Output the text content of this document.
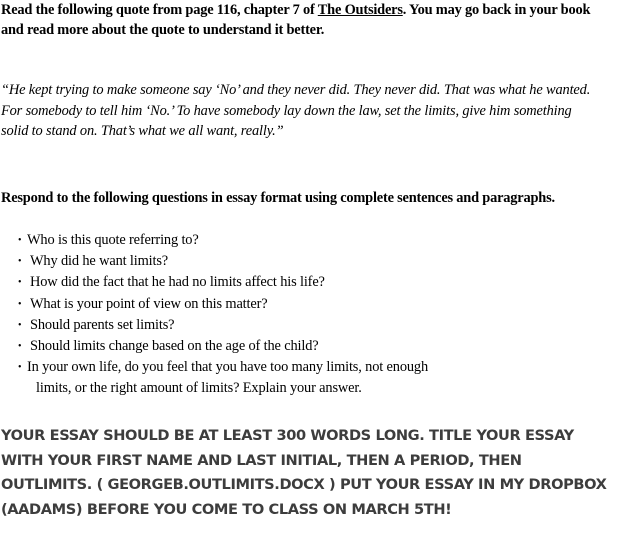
Read the following quote from page 116, chapter 7 of The Outsiders. You may go back in your book and read more about the quote to understand it better.
“He kept trying to make someone say ‘No’ and they never did. They never did. That was what he wanted. For somebody to tell him ‘No.’ To have somebody lay down the law, set the limits, give him something solid to stand on. That’s what we all want, really.”
Respond to the following questions in essay format using complete sentences and paragraphs.
• Who is this quote referring to?
• Why did he want limits?
• How did the fact that he had no limits affect his life?
• What is your point of view on this matter?
• Should parents set limits?
• Should limits change based on the age of the child?
• In your own life, do you feel that you have too many limits, not enough
limits, or the right amount of limits? Explain your answer.
YOUR ESSAY SHOULD BE AT LEAST 300 WORDS LONG. TITLE YOUR ESSAY WITH YOUR FIRST NAME AND LAST INITIAL, THEN A PERIOD, THEN OUTLIMITS. ( GEORGEB.OUTLIMITS.DOCX ) PUT YOUR ESSAY IN MY DROPBOX (AADAMS) BEFORE YOU COME TO CLASS ON MARCH 5TH!
